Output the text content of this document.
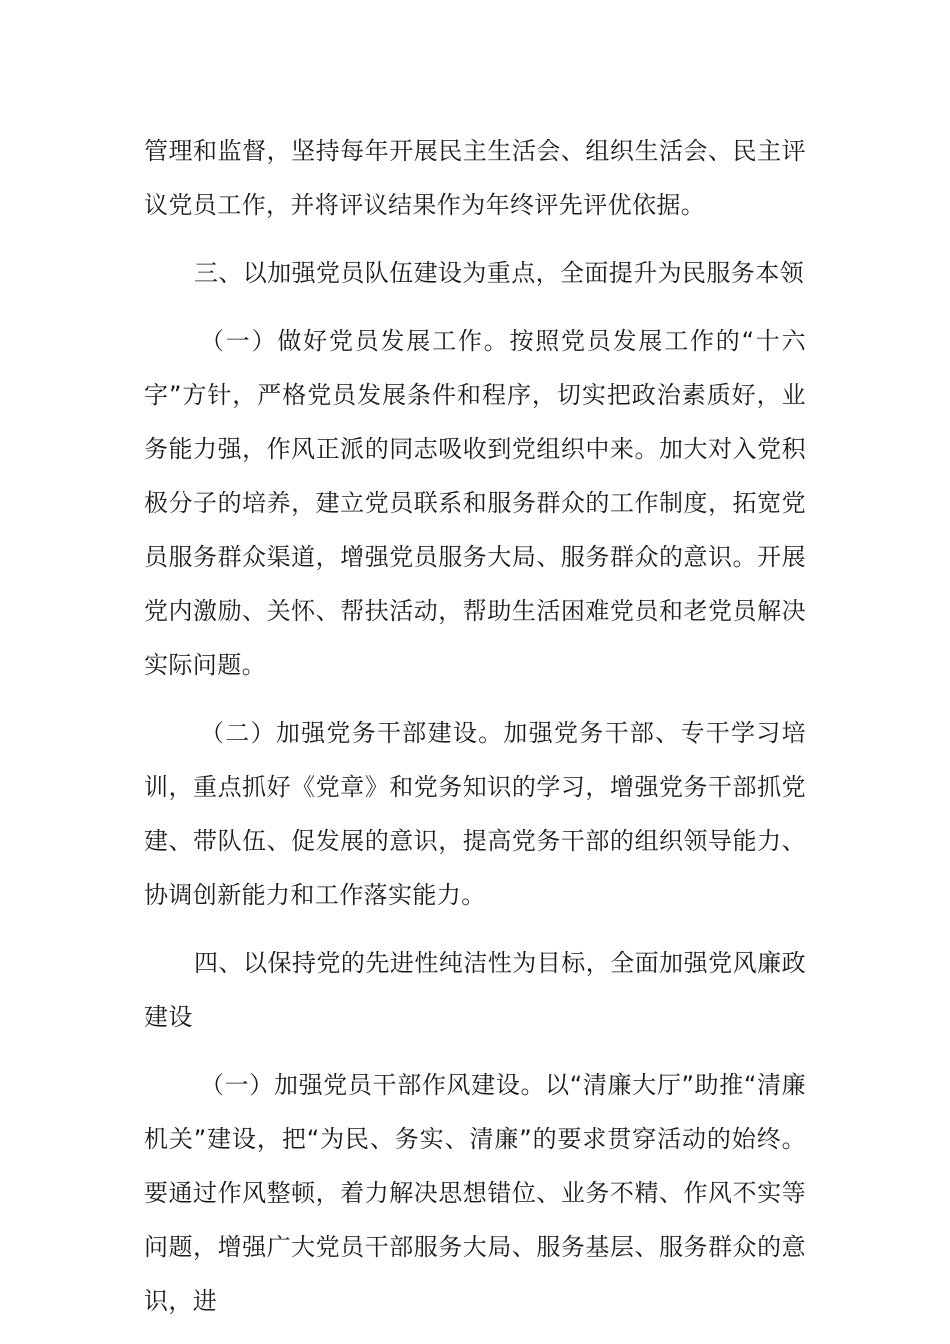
管理和监督，坚持每年开展民主生活会、组织生活会、民主评议党员工作，并将评议结果作为年终评先评优依据。

三、以加强党员队伍建设为重点，全面提升为民服务本领

（一）做好党员发展工作。按照党员发展工作的“十六字”方针，严格党员发展条件和程序，切实把政治素质好，业务能力强，作风正派的同志吸收到党组织中来。加大对入党积极分子的培养，建立党员联系和服务群众的工作制度，拓宽党员服务群众渠道，增强党员服务大局、服务群众的意识。开展党内激励、关怀、帮扶活动，帮助生活困难党员和老党员解决实际问题。

（二）加强党务干部建设。加强党务干部、专干学习培训，重点抓好《党章》和党务知识的学习，增强党务干部抓党建、带队伍、促发展的意识，提高党务干部的组织领导能力、协调创新能力和工作落实能力。

四、以保持党的先进性纯洁性为目标，全面加强党风廉政建设

（一）加强党员干部作风建设。以“清廉大厅”助推“清廉机关”建设，把“为民、务实、清廉”的要求贯穿活动的始终。要通过作风整顿，着力解决思想错位、业务不精、作风不实等问题，增强广大党员干部服务大局、服务基层、服务群众的意识，进
